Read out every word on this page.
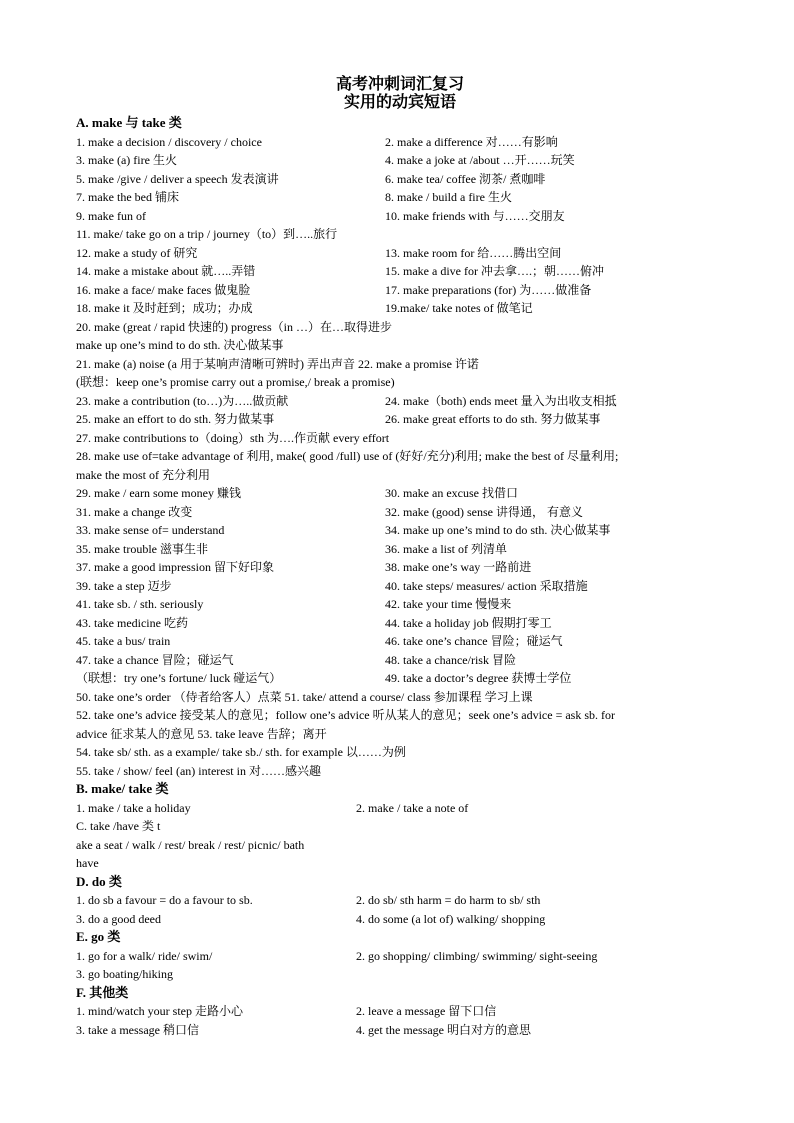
高考冲刺词汇复习
实用的动宾短语
A. make 与 take 类
1. make a decision / discovery / choice	2. make a difference 对……有影响
3. make (a) fire 生火	4. make a joke at /about …开……玩笑
5. make /give / deliver a speech 发表演讲	6. make tea/ coffee 沏茶/ 煮咖啡
7. make the bed 铺床	8. make / build a fire 生火
9. make fun of	10. make friends with 与……交朋友
11. make/ take go on a trip / journey（to）到…..旅行
12. make a study of 研究	13. make room for 给……腾出空间
14. make a mistake about 就…..弄错	15. make a dive for 冲去拿….；朝……俯冲
16. make a face/ make faces 做鬼脸	17. make preparations (for) 为……做准备
18. make it 及时赶到；成功；办成	19.make/ take notes of 做笔记
20. make (great / rapid 快速的) progress（in …）在…取得进步
make up one’s mind to do sth. 决心做某事
21. make (a) noise (a 用于某响声清晰可辨时) 弄出声音 22. make a promise 许诺
(联想：keep one’s promise carry out a promise,/ break a promise)
23. make a contribution (to…)为…..做贡献	24. make（both) ends meet 量入为出收支相抵
25. make an effort to do sth. 努力做某事	26. make great efforts to do sth. 努力做某事
27. make contributions to（doing）sth 为….作贡献 every effort
28. make use of=take advantage of 利用, make( good /full) use of (好好/充分)利用; make the best of 尽量利用;
make the most of 充分利用
29. make / earn some money 赚钱	30. make an excuse 找借口
31. make a change 改变	32. make (good) sense 讲得通， 有意义
33. make sense of= understand	34. make up one’s mind to do sth. 决心做某事
35. make trouble 滋事生非	36. make a list of 列清单
37. make a good impression 留下好印象	38. make one’s way 一路前进
39. take a step 迈步	40. take steps/ measures/ action 采取措施
41. take sb. / sth. seriously	42. take your time 慢慢来
43. take medicine 吃药	44. take a holiday job 假期打零工
45. take a bus/ train	46. take one’s chance 冒险；碰运气
47. take a chance 冒险；碰运气	48. take a chance/risk 冒险
（联想：try one’s fortune/ luck 碰运气）	49. take a doctor’s degree 获博士学位
50. take one’s order （侍者给客人）点菜 51. take/ attend a course/ class 参加课程 学习上课
52. take one’s advice 接受某人的意见；follow one’s advice 听从某人的意见；seek one’s advice = ask sb. for
advice 征求某人的意见 53. take leave 告辞；离开
54. take sb/ sth. as a example/ take sb./ sth. for example 以……为例
55. take / show/ feel (an) interest in 对……感兴趣
B. make/ take 类
1. make / take a holiday	2. make / take a note of
C. take /have 类 t
ake a seat / walk / rest/ break / rest/ picnic/ bath
have
D. do 类
1. do sb a favour = do a favour to sb.	2. do sb/ sth harm = do harm to sb/ sth
3. do a good deed	4. do some (a lot of) walking/ shopping
E. go 类
1. go for a walk/ ride/ swim/	2. go shopping/ climbing/ swimming/ sight-seeing
3. go boating/hiking
F. 其他类
1. mind/watch your step 走路小心	2. leave a message 留下口信
3. take a message 稍口信	4. get the message 明白对方的意思
